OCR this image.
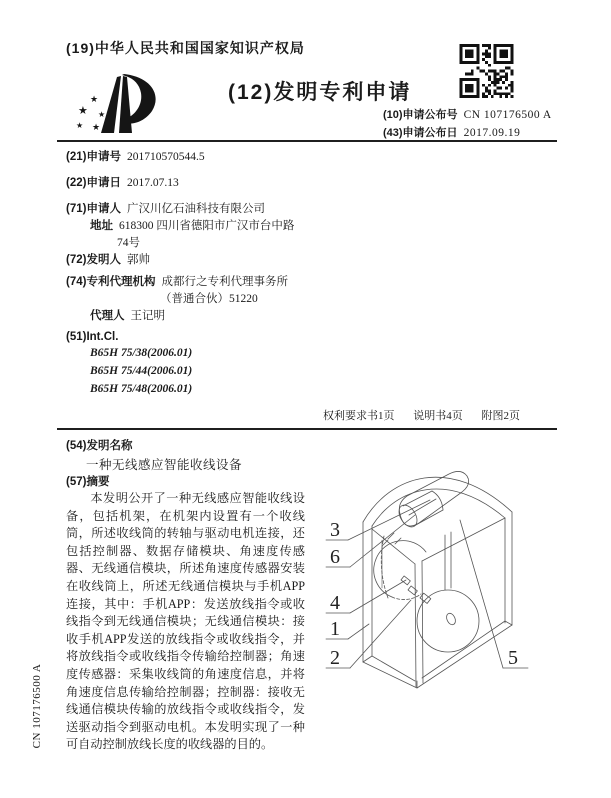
(19)中华人民共和国国家知识产权局
★
★
★
★ ★
(12)发明专利申请
(10)申请公布号 CN 107176500 A
(43)申请公布日 2017.09.19
(21)申请号 201710570544.5
(22)申请日 2017.07.13
(71)申请人 广汉川亿石油科技有限公司
地址 618300 四川省德阳市广汉市台中路
74号
(72)发明人 郭帅
(74)专利代理机构 成都行之专利代理事务所
（普通合伙）51220
代理人 王记明
(51)Int.Cl.
B65H 75/38(2006.01)
B65H 75/44(2006.01)
B65H 75/48(2006.01)
权利要求书1页 说明书4页 附图2页
(54)发明名称
一种无线感应智能收线设备
(57)摘要
本发明公开了一种无线感应智能收线设备，包括机架，在机架内设置有一个收线筒，所述收线筒的转轴与驱动电机连接，还包括控制器、数据存储模块、角速度传感器、无线通信模块，所述角速度传感器安装在收线筒上，所述无线通信模块与手机APP连接，其中：手机APP：发送放线指令或收线指令到无线通信模块；无线通信模块：接收手机APP发送的放线指令或收线指令，并将放线指令或收线指令传输给控制器；角速度传感器：采集收线筒的角速度信息，并将角速度信息传输给控制器；控制器：接收无线通信模块传输的放线指令或收线指令，发送驱动指令到驱动电机。本发明实现了一种可自动控制放线长度的收线器的目的。
3
6
4
1
2	5
CN 107176500 A
